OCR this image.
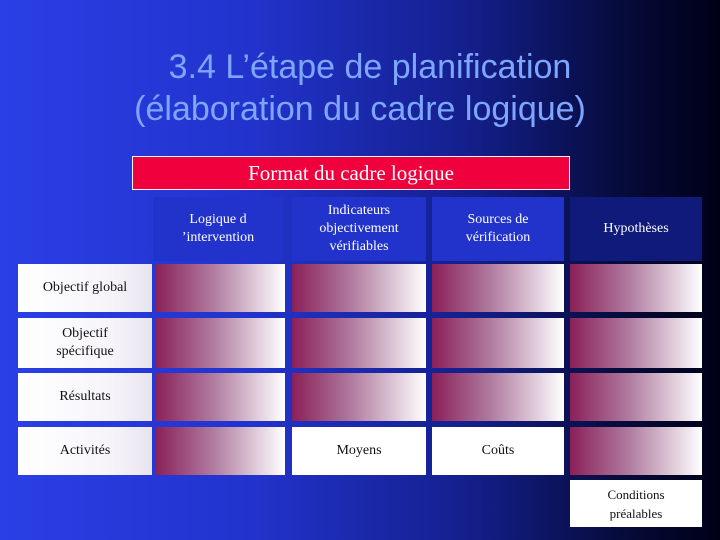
3.4 L’étape de planification
(élaboration du cadre logique)
Format du cadre logique
Logique d ’intervention
Indicateurs objectivement vérifiables
Sources de vérification
Hypothèses
Objectif global
Objectif spécifique
Résultats
Activités	Moyens	Coûts
Conditions préalables
